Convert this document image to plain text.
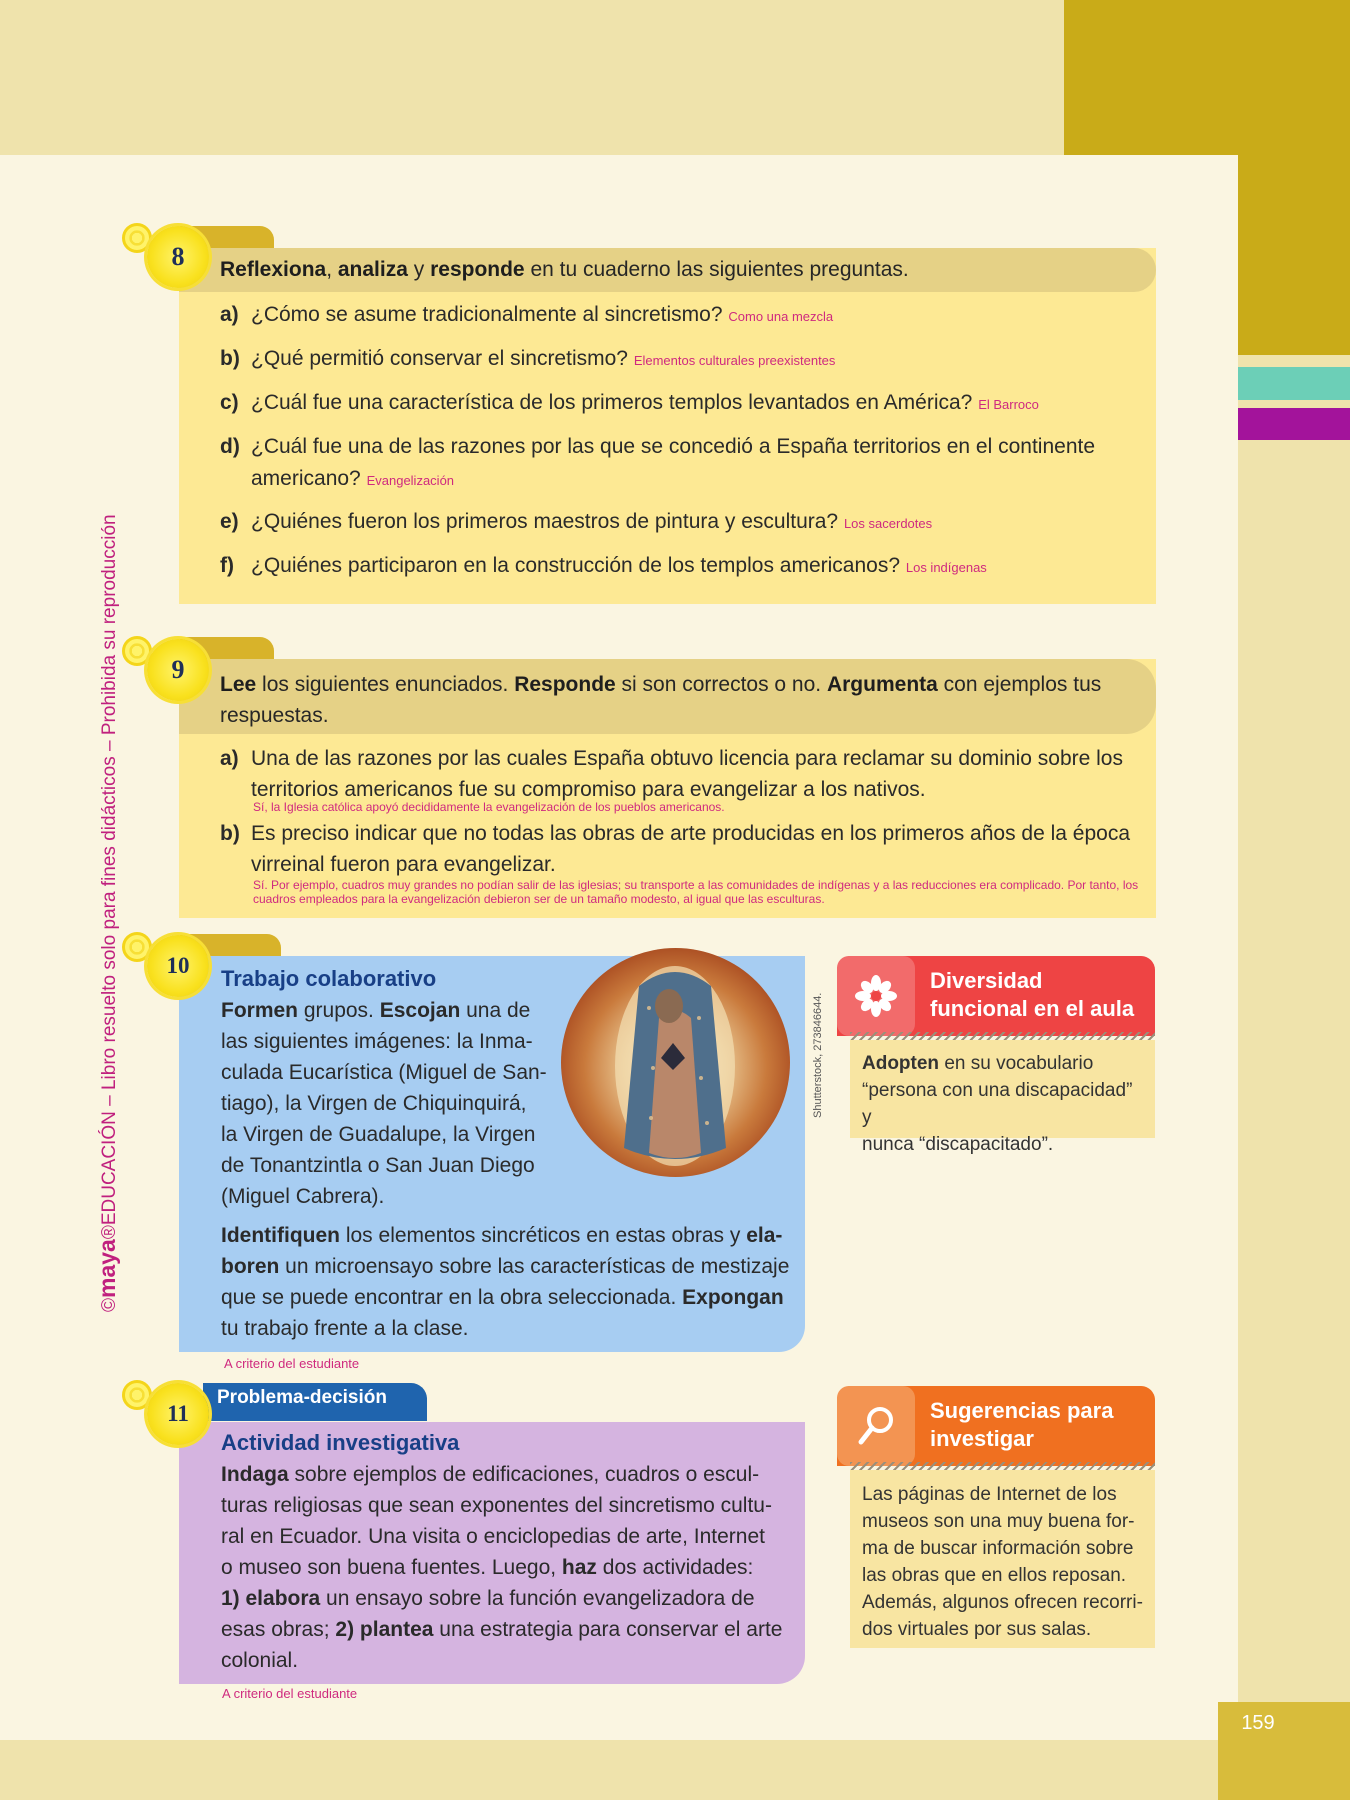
159
©maya®EDUCACIÓN – Libro resuelto solo para fines didácticos – Prohibida su reproducción
8	Reflexiona, analiza y responde en tu cuaderno las siguientes preguntas.
a) ¿Cómo se asume tradicionalmente al sincretismo? Como una mezcla
b) ¿Qué permitió conservar el sincretismo? Elementos culturales preexistentes
c) ¿Cuál fue una característica de los primeros templos levantados en América? El Barroco
d) ¿Cuál fue una de las razones por las que se concedió a España territorios en el continente
americano? Evangelización
e) ¿Quiénes fueron los primeros maestros de pintura y escultura? Los sacerdotes
f) ¿Quiénes participaron en la construcción de los templos americanos? Los indígenas
9
Lee los siguientes enunciados. Responde si son correctos o no. Argumenta con ejemplos tus
respuestas.
a) Una de las razones por las cuales España obtuvo licencia para reclamar su dominio sobre los
territorios americanos fue su compromiso para evangelizar a los nativos.
Sí, la Iglesia católica apoyó decididamente la evangelización de los pueblos americanos.
b) Es preciso indicar que no todas las obras de arte producidas en los primeros años de la época
virreinal fueron para evangelizar.
Sí. Por ejemplo, cuadros muy grandes no podían salir de las iglesias; su transporte a las comunidades de indígenas y a las reducciones era complicado. Por tanto, los cuadros empleados para la evangelización debieron ser de un tamaño modesto, al igual que las esculturas.
10
Trabajo colaborativo
Shutterstock, 273846644.
Formen grupos. Escojan una de
las siguientes imágenes: la Inma-
culada Eucarística (Miguel de San-
tiago), la Virgen de Chiquinquirá,
la Virgen de Guadalupe, la Virgen
de Tonantzintla o San Juan Diego
(Miguel Cabrera).
Identifiquen los elementos sincréticos en estas obras y ela-
boren un microensayo sobre las características de mestizaje
que se puede encontrar en la obra seleccionada. Expongan
tu trabajo frente a la clase.
A criterio del estudiante
Diversidad
funcional en el aula
Adopten en su vocabulario
“persona con una discapacidad” y
nunca “discapacitado”.
Problema-decisión
11
Actividad investigativa
Indaga sobre ejemplos de edificaciones, cuadros o escul-
turas religiosas que sean exponentes del sincretismo cultu-
ral en Ecuador. Una visita o enciclopedias de arte, Internet
o museo son buena fuentes. Luego, haz dos actividades:
1) elabora un ensayo sobre la función evangelizadora de
esas obras; 2) plantea una estrategia para conservar el arte
colonial.
A criterio del estudiante
Sugerencias para
investigar
Las páginas de Internet de los
museos son una muy buena for-
ma de buscar información sobre
las obras que en ellos reposan.
Además, algunos ofrecen recorri-
dos virtuales por sus salas.
